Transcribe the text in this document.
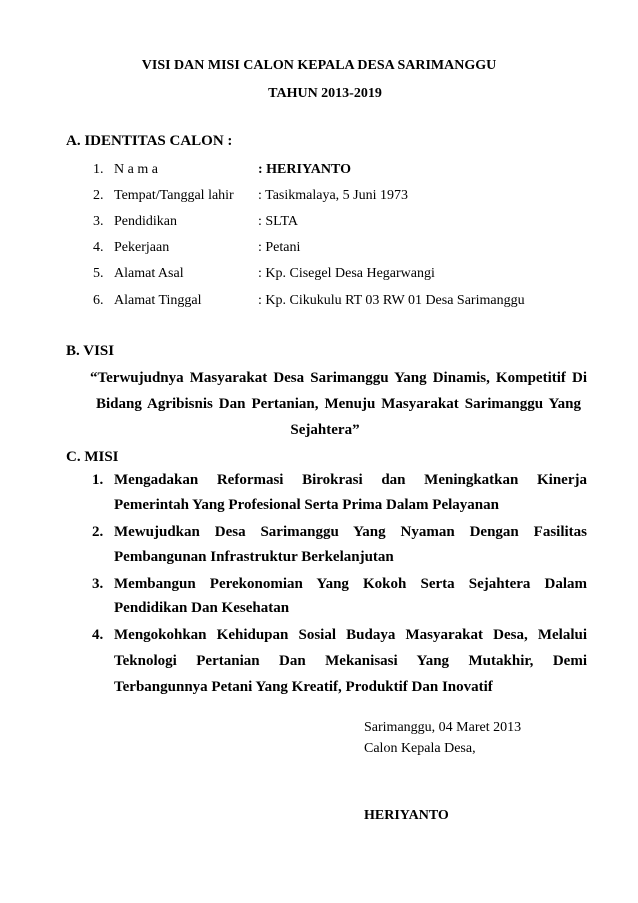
VISI DAN MISI CALON KEPALA DESA SARIMANGGU
TAHUN 2013-2019
A. IDENTITAS CALON :
1. N a m a	: HERIYANTO
2. Tempat/Tanggal lahir : Tasikmalaya, 5 Juni 1973
3. Pendidikan	: SLTA
4. Pekerjaan	: Petani
5. Alamat Asal	: Kp. Cisegel Desa Hegarwangi
6. Alamat Tinggal	: Kp. Cikukulu RT 03 RW 01 Desa Sarimanggu
B. VISI
“Terwujudnya Masyarakat Desa Sarimanggu Yang Dinamis, Kompetitif Di
Bidang Agribisnis Dan Pertanian, Menuju Masyarakat Sarimanggu Yang
Sejahtera”
C. MISI
1. Mengadakan Reformasi Birokrasi dan Meningkatkan Kinerja
Pemerintah Yang Profesional Serta Prima Dalam Pelayanan
2. Mewujudkan Desa Sarimanggu Yang Nyaman Dengan Fasilitas
Pembangunan Infrastruktur Berkelanjutan
3. Membangun Perekonomian Yang Kokoh Serta Sejahtera Dalam
Pendidikan Dan Kesehatan
4. Mengokohkan Kehidupan Sosial Budaya Masyarakat Desa, Melalui
Teknologi Pertanian Dan Mekanisasi Yang Mutakhir, Demi
Terbangunnya Petani Yang Kreatif, Produktif Dan Inovatif
Sarimanggu, 04 Maret 2013
Calon Kepala Desa,
HERIYANTO
